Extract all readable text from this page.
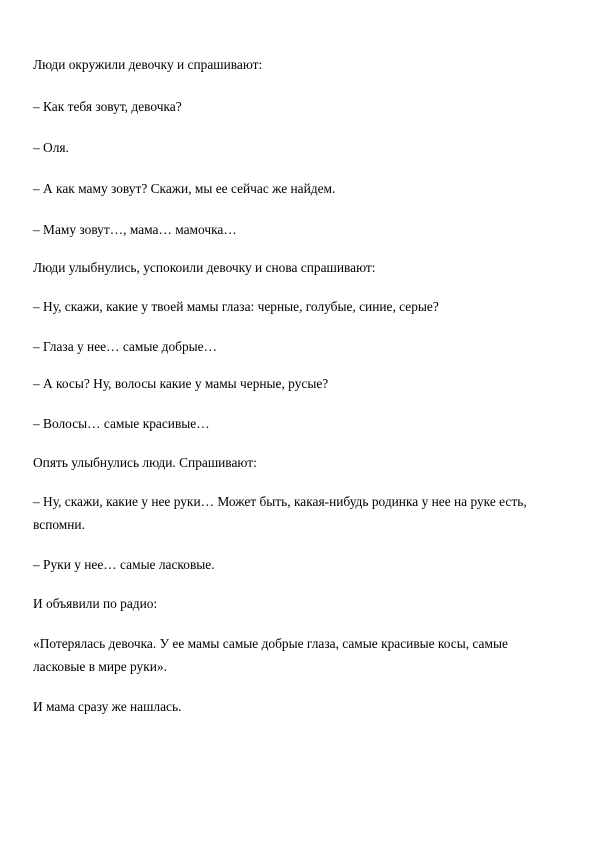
Люди окружили девочку и спрашивают:

– Как тебя зовут, девочка?

– Оля.

– А как маму зовут? Скажи, мы ее сейчас же найдем.

– Маму зовут…, мама… мамочка…

Люди улыбнулись, успокоили девочку и снова спрашивают:

– Ну, скажи, какие у твоей мамы глаза: черные, голубые, синие, серые?

– Глаза у нее… самые добрые…

– А косы? Ну, волосы какие у мамы черные, русые?

– Волосы… самые красивые…

Опять улыбнулись люди. Спрашивают:

– Ну, скажи, какие у нее руки… Может быть, какая-нибудь родинка у нее на руке есть,
вспомни.

– Руки у нее… самые ласковые.

И объявили по радио:

«Потерялась девочка. У ее мамы самые добрые глаза, самые красивые косы, самые
ласковые в мире руки».

И мама сразу же нашлась.
